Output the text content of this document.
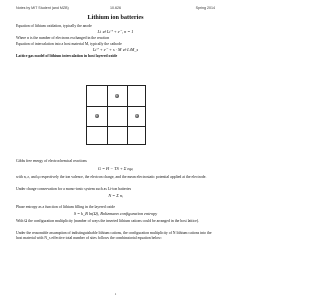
Notes by MIT Student (and MZB)	10.626	Spring 2014
Lithium ion batteries
Equation of lithium oxidation, typically the anode
Li ⇌ Li⁺ + e⁻, n = 1
Where n is the number of electrons exchanged in the reaction
Equation of intercalation into a host material M, typically the cathode
Li⁺ + e⁻ + s · M ⇌ LiM_s
Lattice gas model of lithium intercalation in host layered oxide
Gibbs free energy of electrochemical reactions
G = H − TS + Σ nᵢμᵢ
with n, ε, and φ respectively the ion valence, the electron charge, and the mean electrostatic potential applied at the electrode.
Under charge conservation for a mono-ionic system such as Li-ion batteries
N = Σ nᵢ
Phase entropy as a function of lithium filling in the layered oxide
S = k_B ln(Ω), Boltzmann configuration entropy
With Ω the configuration multiplicity (number of ways the inserted lithium cations could be arranged in the host lattice).
Under the reasonable assumption of indistinguishable lithium cations, the configuration multiplicity of N lithium cations into the host material with N_s effective total number of sites follows the combinatorial equation below:
1
